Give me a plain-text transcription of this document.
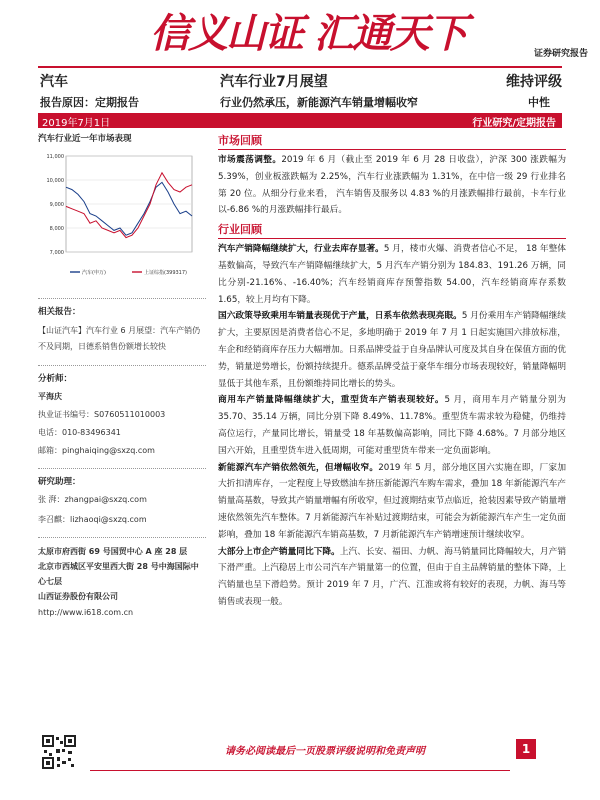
信义山证 汇通天下	证券研究报告
汽车	汽车行业7月展望	维持评级
报告原因：定期报告	行业仍然承压，新能源汽车销量增幅收窄	中性
2019年7月1日	行业研究/定期报告
汽车行业近一年市场表现
11,000
10,000
9,000
8,000
7,000
汽车(申万)	上证综指(399317)
相关报告：
【山证汽车】汽车行业 6 月展望：汽车产销仍不及同期，日德系销售份额增长较快
分析师：
平海庆
执业证书编号：S0760511010003
电话：010-83496341
邮箱：pinghaiqing@sxzq.com
研究助理：
张 湃：zhangpai@sxzq.com
李召麒：lizhaoqi@sxzq.com
太原市府西街 69 号国贸中心 A 座 28 层
北京市西城区平安里西大街 28 号中海国际中心七层
山西证券股份有限公司
http://www.i618.com.cn
市场回顾

市场震荡调整。2019 年 6 月（截止至 2019 年 6 月 28 日收盘），沪深 300 涨跌幅为 5.39%，创业板涨跌幅为 2.25%，汽车行业涨跌幅为 1.31%，在中信一级 29 行业排名第 20 位。从细分行业来看， 汽车销售及服务以 4.83 %的月涨跌幅排行最前，卡车行业以-6.86 %的月涨跌幅排行最后。

行业回顾

汽车产销降幅继续扩大，行业去库存显著。5 月，楼市火爆、消费者信心不足， 18 年整体基数偏高，导致汽车产销降幅继续扩大，5 月汽车产销分别为 184.83、191.26 万辆，同比分别-21.16%、-16.40%；汽车经销商库存预警指数 54.00，汽车经销商库存系数 1.65，较上月均有下降。

国六政策导致乘用车销量表现优于产量，日系车依然表现亮眼。5 月份乘用车产销降幅继续扩大，主要原因是消费者信心不足，多地明确于 2019 年 7 月 1 日起实施国六排放标准，车企和经销商库存压力大幅增加。日系品牌受益于自身品牌认可度及其自身在保值方面的优势，销量逆势增长，份额持续提升。德系品牌受益于豪华车细分市场表现较好，销量降幅明显低于其他车系，且份额维持同比增长的势头。

商用车产销量降幅继续扩大，重型货车产销表现较好。5 月，商用车月产销量分别为 35.70、35.14 万辆，同比分别下降 8.49%、11.78%。重型货车需求较为稳健，仍维持高位运行，产量同比增长，销量受 18 年基数偏高影响，同比下降 4.68%。7 月部分地区国六开始，且重型货车进入低周期，可能对重型货车带来一定负面影响。

新能源汽车产销依然领先，但增幅收窄。2019 年 5 月，部分地区国六实施在即，厂家加大折扣清库存，一定程度上导致燃油车挤压新能源汽车购车需求，叠加 18 年新能源汽车产销量高基数，导致其产销量增幅有所收窄，但过渡期结束节点临近，抢装因素导致产销量增速依然领先汽车整体。7 月新能源汽车补贴过渡期结束，可能会为新能源汽车产生一定负面影响，叠加 18 年新能源汽车销高基数，7 月新能源汽车产销增速预计继续收窄。

大部分上市企产销量同比下降。上汽、长安、福田、力帆、海马销量同比降幅较大，月产销下滑严重。上汽稳居上市公司汽车产销量第一的位置，但由于自主品牌销量的整体下降，上汽销量也呈下滑趋势。预计 2019 年 7 月，广汽、江淮或将有较好的表现，力帆、海马等销售或表现一般。

请务必阅读最后一页股票评级说明和免责声明	1
